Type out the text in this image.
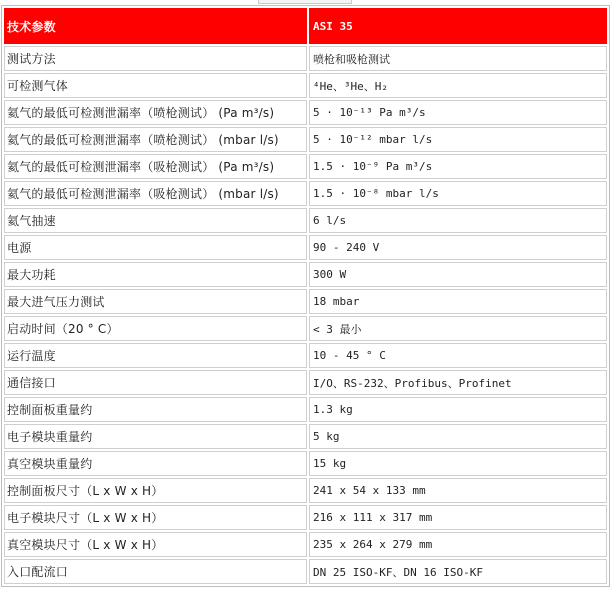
技术参数	ASI 35
测试方法	喷枪和吸枪测试
可检测气体	⁴He、³He、H₂
氦气的最低可检测泄漏率（喷枪测试） (Pa m³/s)	5 · 10⁻¹³ Pa m³/s
氦气的最低可检测泄漏率（喷枪测试） (mbar l/s)	5 · 10⁻¹² mbar l/s
氦气的最低可检测泄漏率（吸枪测试） (Pa m³/s)	1.5 · 10⁻⁹ Pa m³/s
氦气的最低可检测泄漏率（吸枪测试） (mbar l/s)	1.5 · 10⁻⁸ mbar l/s
氦气抽速	6 l/s
电源	90 - 240 V
最大功耗	300 W
最大进气压力测试	18 mbar
启动时间（20 ° C）	< 3 最小
运行温度	10 - 45 ° C
通信接口	I/O、RS-232、Profibus、Profinet
控制面板重量约	1.3 kg
电子模块重量约	5 kg
真空模块重量约	15 kg
控制面板尺寸（L x W x H）	241 x 54 x 133 mm
电子模块尺寸（L x W x H）	216 x 111 x 317 mm
真空模块尺寸（L x W x H）	235 x 264 x 279 mm
入口配流口	DN 25 ISO-KF、DN 16 ISO-KF
